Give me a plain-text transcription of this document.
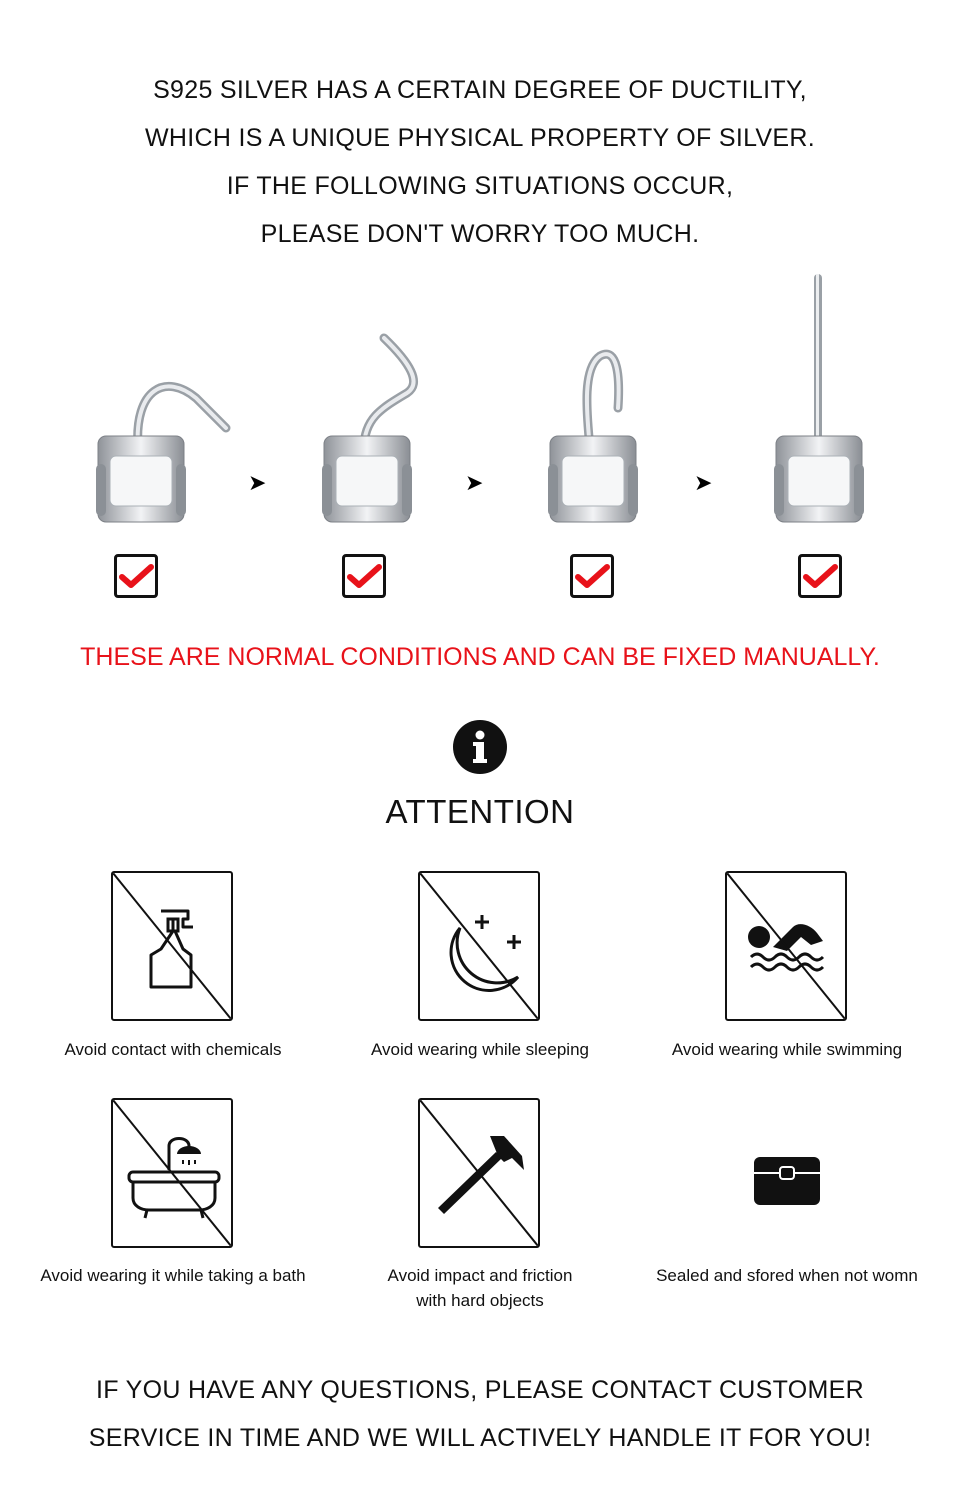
S925 SILVER HAS A CERTAIN DEGREE OF DUCTILITY,
WHICH IS A UNIQUE PHYSICAL PROPERTY OF SILVER.
IF THE FOLLOWING SITUATIONS OCCUR,
PLEASE DON'T WORRY TOO MUCH.
➤	➤	➤
THESE ARE NORMAL CONDITIONS AND CAN BE FIXED MANUALLY.
ATTENTION
Avoid contact with chemicals	Avoid wearing while sleeping	Avoid wearing while swimming
Avoid wearing it while taking a bath	Avoid impact and friction
with hard objects
Sealed and sfored when not womn
IF YOU HAVE ANY QUESTIONS, PLEASE CONTACT CUSTOMER
SERVICE IN TIME AND WE WILL ACTIVELY HANDLE IT FOR YOU!
